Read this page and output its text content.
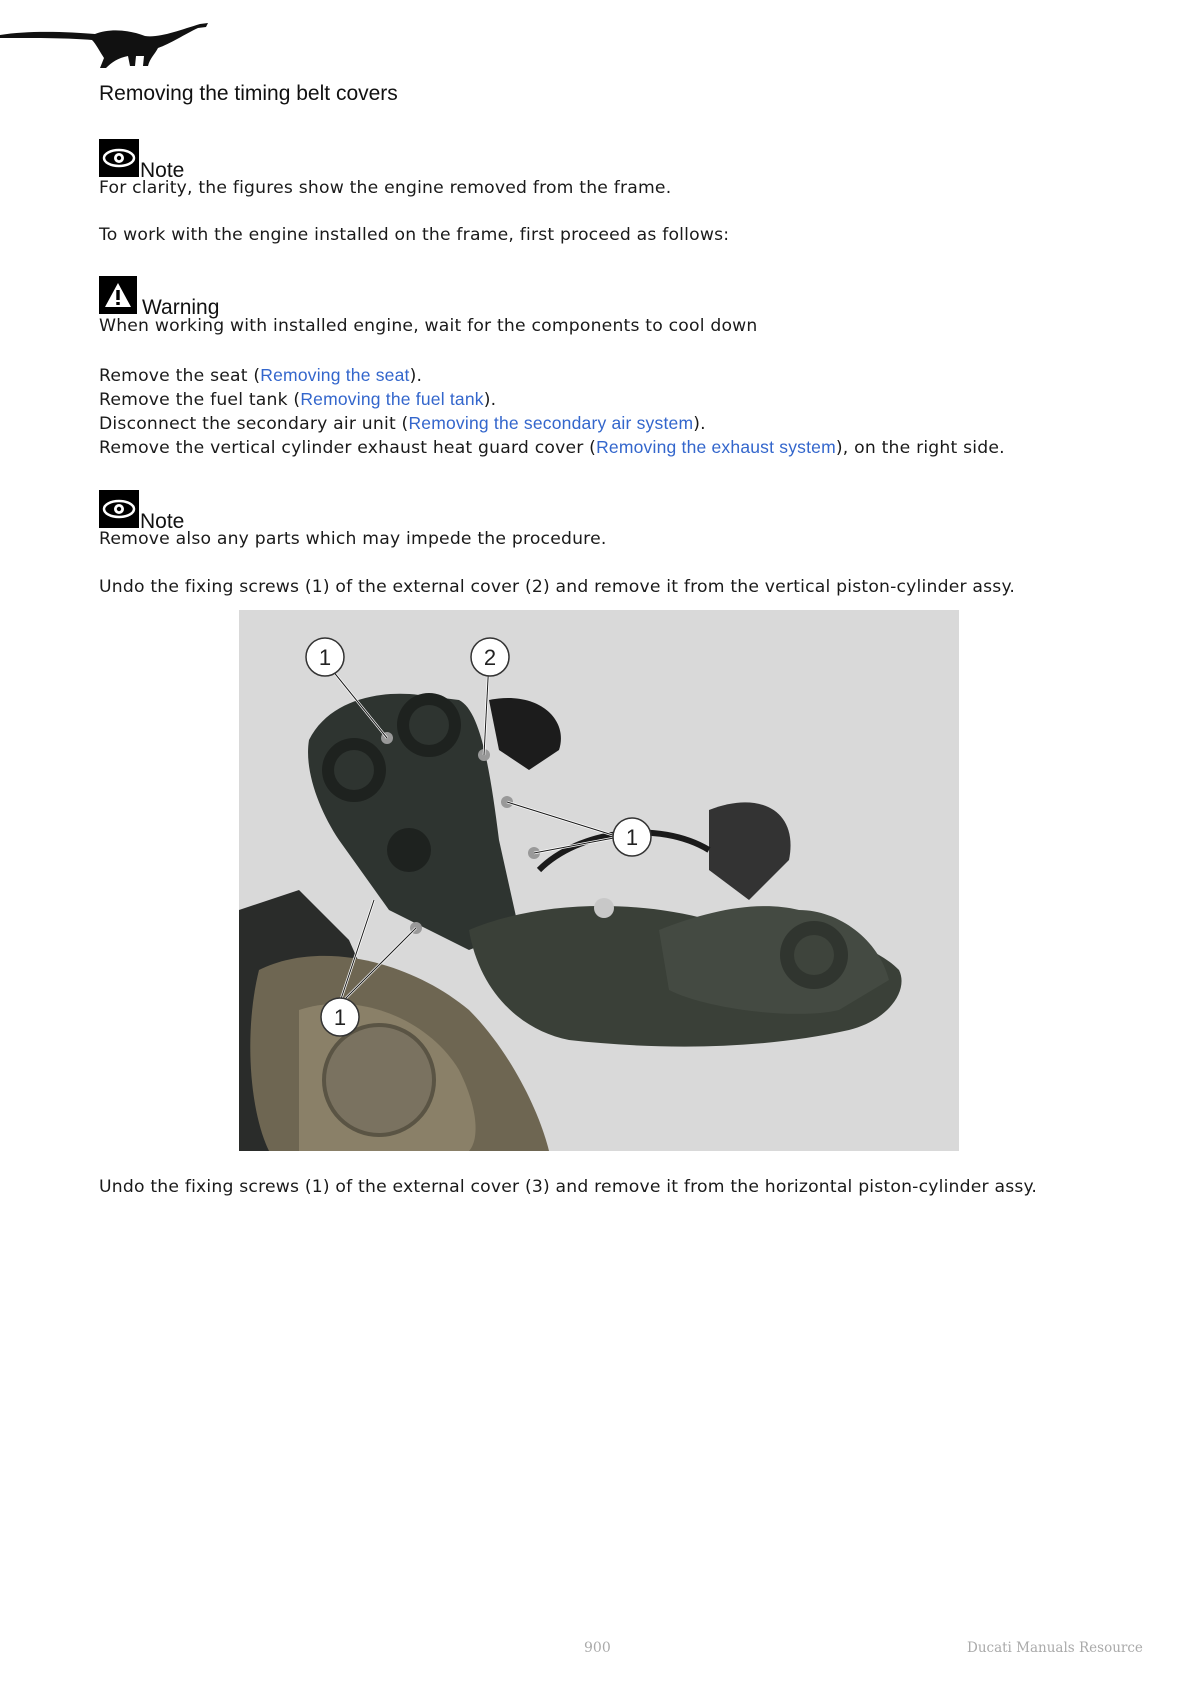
Removing the timing belt covers
Note
For clarity, the figures show the engine removed from the frame.
To work with the engine installed on the frame, first proceed as follows:
Warning
When working with installed engine, wait for the components to cool down
Remove the seat (Removing the seat).
Remove the fuel tank (Removing the fuel tank).
Disconnect the secondary air unit (Removing the secondary air system).
Remove the vertical cylinder exhaust heat guard cover (Removing the exhaust system), on the right side.
Note
Remove also any parts which may impede the procedure.
Undo the fixing screws (1) of the external cover (2) and remove it from the vertical piston-cylinder assy.
1	2
1
1
Undo the fixing screws (1) of the external cover (3) and remove it from the horizontal piston-cylinder assy.
900	Ducati Manuals Resource
